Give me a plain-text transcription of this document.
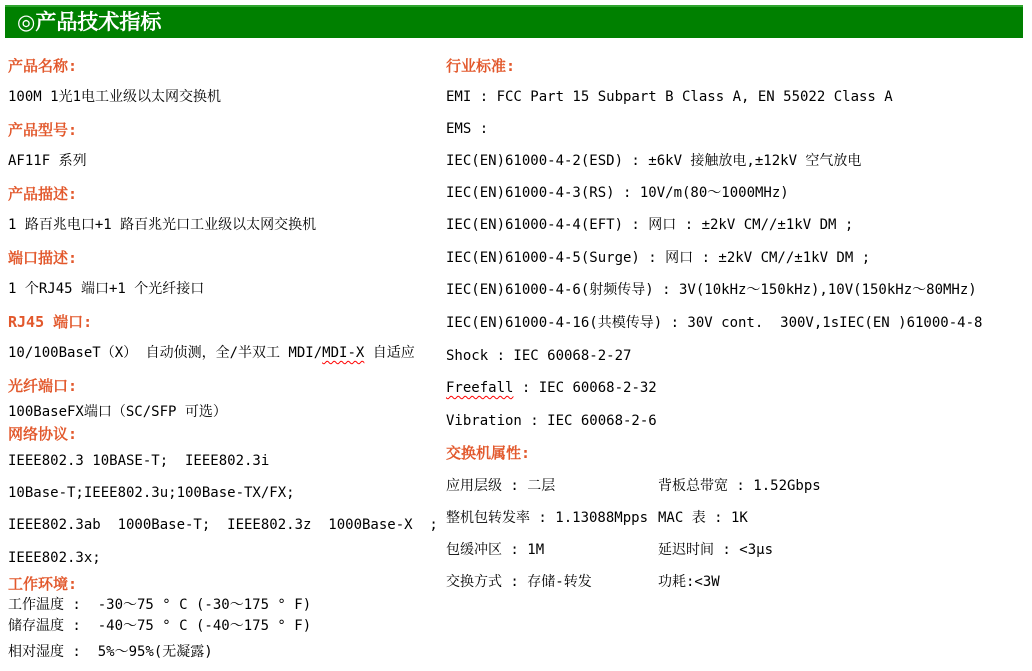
◎产品技术指标
产品名称:
100M 1光1电工业级以太网交换机
产品型号:
AF11F 系列
产品描述:
1 路百兆电口+1 路百兆光口工业级以太网交换机
端口描述:
1 个RJ45 端口+1 个光纤接口
RJ45 端口:
10/100BaseT（X） 自动侦测，全/半双工 MDI/MDI-X 自适应
光纤端口:
100BaseFX端口（SC/SFP 可选）
网络协议:
IEEE802.3 10BASE-T;  IEEE802.3i
10Base-T;IEEE802.3u;100Base-TX/FX;
IEEE802.3ab  1000Base-T;  IEEE802.3z  1000Base-X  ;
IEEE802.3x;
工作环境:
工作温度 :  -30～75 ° C (-30～175 ° F)
储存温度 :  -40～75 ° C (-40～175 ° F)
相对湿度 :  5%～95%(无凝露)
行业标准:
EMI : FCC Part 15 Subpart B Class A, EN 55022 Class A
EMS :
IEC(EN)61000-4-2(ESD) : ±6kV 接触放电,±12kV 空气放电
IEC(EN)61000-4-3(RS) : 10V/m(80～1000MHz)
IEC(EN)61000-4-4(EFT) : 网口 : ±2kV CM//±1kV DM ;
IEC(EN)61000-4-5(Surge) : 网口 : ±2kV CM//±1kV DM ;
IEC(EN)61000-4-6(射频传导) : 3V(10kHz～150kHz),10V(150kHz～80MHz)
IEC(EN)61000-4-16(共模传导) : 30V cont.  300V,1sIEC(EN )61000-4-8
Shock : IEC 60068-2-27
Freefall : IEC 60068-2-32
Vibration : IEC 60068-2-6
交换机属性:
应用层级 : 二层	背板总带宽 : 1.52Gbps
整机包转发率 : 1.13088Mpps MAC 表 : 1K
包缓冲区 : 1M	延迟时间 : <3μs
交换方式 : 存储-转发	功耗:<3W
